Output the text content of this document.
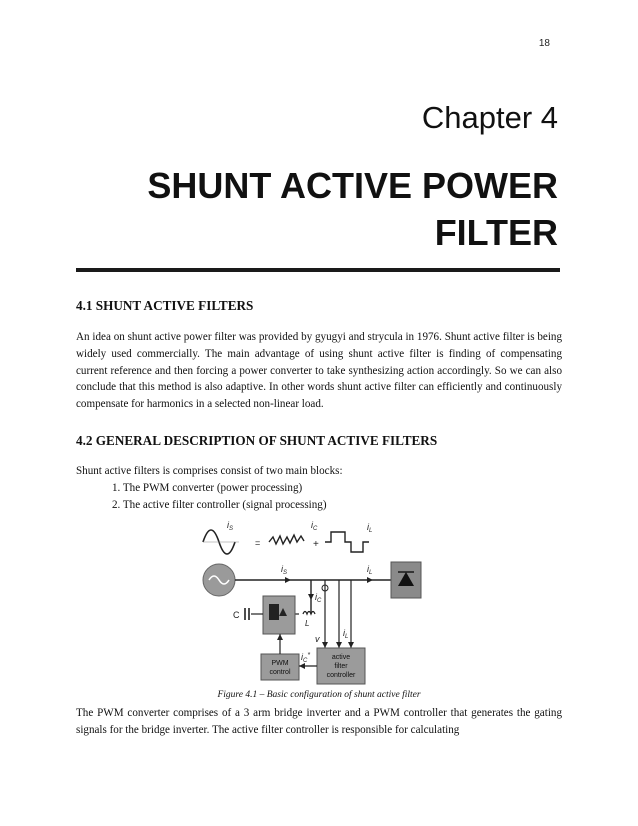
18
Chapter 4
SHUNT ACTIVE POWER
FILTER
4.1 SHUNT ACTIVE FILTERS

An idea on shunt active power filter was provided by gyugyi and strycula in 1976. Shunt active filter is being widely used commercially. The main advantage of using shunt active filter is finding of compensating current reference and then forcing a power converter to take synthesizing action accordingly. So we can also conclude that this method is also adaptive. In other words shunt active filter can efficiently and continuously compensate for harmonics in a selected non-linear load.

4.2 GENERAL DESCRIPTION OF SHUNT ACTIVE FILTERS

Shunt active filters is comprises consist of two main blocks:

1. The PWM converter (power processing)
2. The active filter controller (signal processing)
$i_S$
=
$i_C$
+
$i_L$
$i_S$	$i_L$
$i_C$
L
C
v
$i_L$
PWM
control
active
filter
controller
$i_C^*$
Figure 4.1 – Basic configuration of shunt active filter

The PWM converter comprises of a 3 arm bridge inverter and a PWM controller that generates the gating signals for the bridge inverter. The active filter controller is responsible for calculating
